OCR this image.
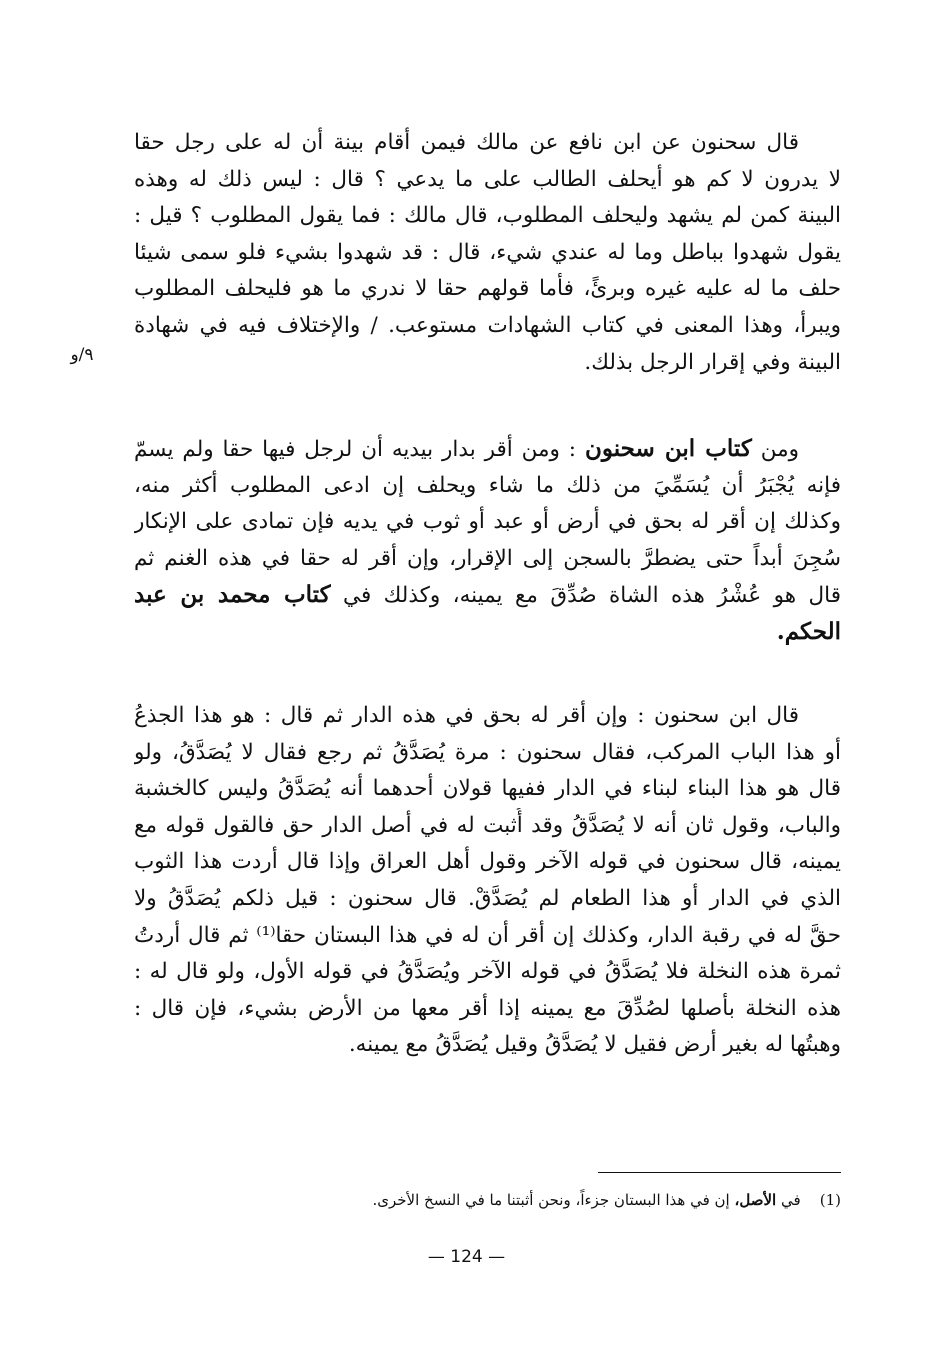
٩/و
قال سحنون عن ابن نافع عن مالك فيمن أقام بينة أن له على رجل حقا
لا يدرون لا كم هو أيحلف الطالب على ما يدعي ؟ قال : ليس ذلك له وهذه
البينة كمن لم يشهد وليحلف المطلوب، قال مالك : فما يقول المطلوب ؟ قيل :
يقول شهدوا بباطل وما له عندي شيء، قال : قد شهدوا بشيء فلو سمى شيئا
حلف ما له عليه غيره وبرئً، فأما قولهم حقا لا ندري ما هو فليحلف المطلوب
ويبرأ، وهذا المعنى في كتاب الشهادات مستوعب. / والإختلاف فيه في شهادة
البينة وفي إقرار الرجل بذلك.
ومن كتاب ابن سحنون : ومن أقر بدار بيديه أن لرجل فيها حقا ولم يسمّ
فإنه يُجْبَرُ أن يُسَمِّيَ من ذلك ما شاء ويحلف إن ادعى المطلوب أكثر منه،
وكذلك إن أقر له بحق في أرض أو عبد أو ثوب في يديه فإن تمادى على الإنكار
سُجِنَ أبداً حتى يضطرَّ بالسجن إلى الإقرار، وإن أقر له حقا في هذه الغنم ثم
قال هو عُشْرُ هذه الشاة صُدِّقَ مع يمينه، وكذلك في كتاب محمد بن عبد
الحكم.
قال ابن سحنون : وإن أقر له بحق في هذه الدار ثم قال : هو هذا الجذعُ
أو هذا الباب المركب، فقال سحنون : مرة يُصَدَّقُ ثم رجع فقال لا يُصَدَّقُ، ولو
قال هو هذا البناء لبناء في الدار ففيها قولان أحدهما أنه يُصَدَّقُ وليس كالخشبة
والباب، وقول ثان أنه لا يُصَدَّقُ وقد أُثبت له في أصل الدار حق فالقول قوله مع
يمينه، قال سحنون في قوله الآخر وقول أهل العراق وإذا قال أردت هذا الثوب
الذي في الدار أو هذا الطعام لم يُصَدَّقْ. قال سحنون : قيل ذلكم يُصَدَّقُ ولا
حقَّ له في رقبة الدار، وكذلك إن أقر أن له في هذا البستان حقا⁽¹⁾ ثم قال أردتُ
ثمرة هذه النخلة فلا يُصَدَّقُ في قوله الآخر ويُصَدَّقُ في قوله الأول، ولو قال له :
هذه النخلة بأصلها لصُدِّقَ مع يمينه إذا أقر معها من الأرض بشيء، فإن قال :
وهبتُها له بغير أرض فقيل لا يُصَدَّقُ وقيل يُصَدَّقُ مع يمينه.
(1)    في الأصل، إن في هذا البستان جزءاً، ونحن أثبتنا ما في النسخ الأخرى.
— 124 —
